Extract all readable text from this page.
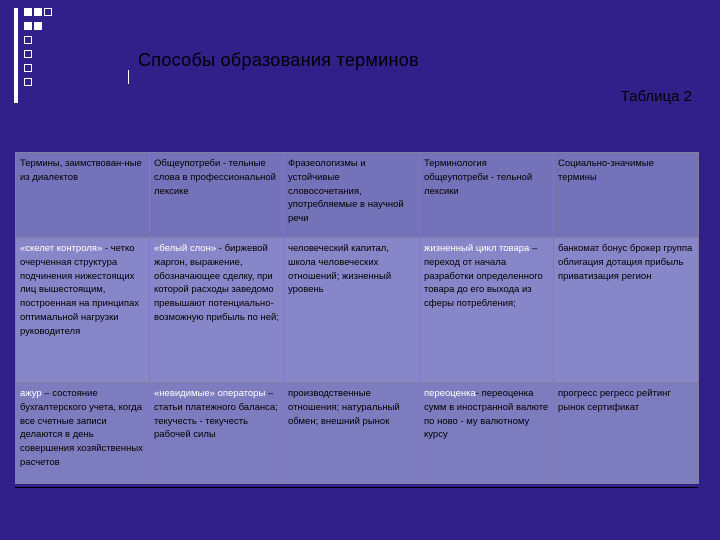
Способы образования терминов
Таблица 2
Термины, заимствован-ные из диалектов	Общеупотреби - тельные слова в профессиональной лексике	Фразеологизмы и устойчивые словосочетания, употребляемые в научной речи	Терминология общеупотреби - тельной лексики	Социально-значимые термины
«скелет контроля» - четко очерченная структура подчинения нижестоящих лиц вышестоящим, построенная на принципах оптимальной нагрузки руководителя	«белый слон» - биржевой жаргон, выражение, обозначающее сделку, при которой расходы заведомо превышают потенциально-возможную прибыль по ней;	человеческий капитал, школа человеческих отношений; жизненный уровень	жизненный цикл товара – переход от начала разработки определенного товара до его выхода из сферы потребления;	банкомат бонус брокер группа облигация дотация прибыль приватизация регион
ажур – состояние бухгалтерского учета, когда все счетные записи делаются в день совершения хозяйственных расчетов	«невидимые» операторы – статьи платежного баланса; текучесть - текучесть рабочей силы	производственные отношения; натуральный обмен; внешний рынок	переоценка- переоценка сумм в иностранной валюте по ново - му валютному курсу	прогресс регресс рейтинг рынок сертификат
